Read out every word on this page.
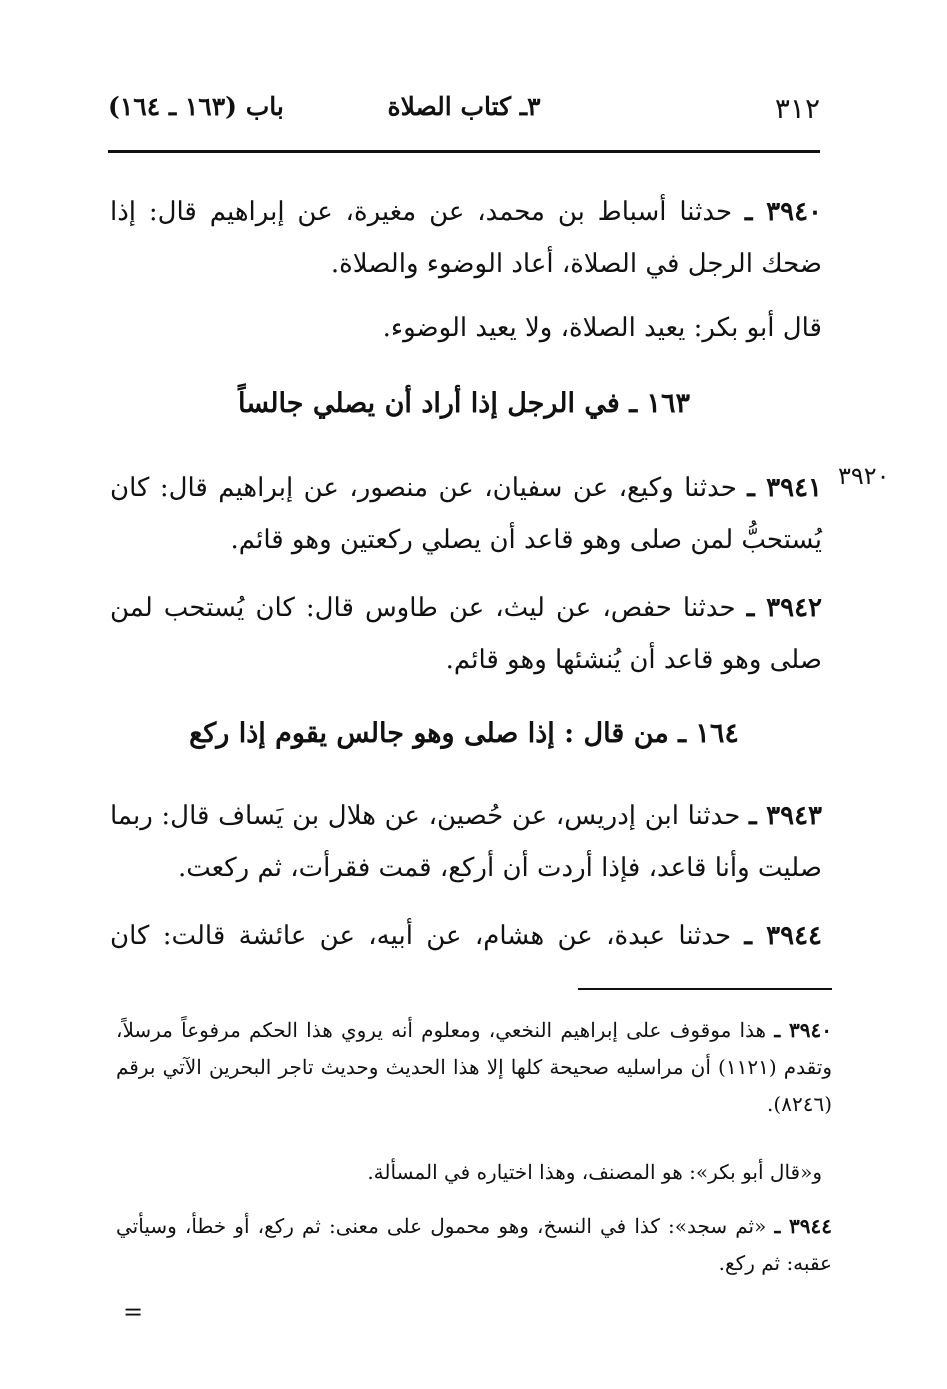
٣١٢
٣ـ كتاب الصلاة
باب (١٦٣ ـ ١٦٤)
٣٩٤٠ ـ حدثنا أسباط بن محمد، عن مغيرة، عن إبراهيم قال: إذا ضحك الرجل في الصلاة، أعاد الوضوء والصلاة.
قال أبو بكر: يعيد الصلاة، ولا يعيد الوضوء.
١٦٣ ـ في الرجل إذا أراد أن يصلي جالساً
٣٩٢٠
٣٩٤١ ـ حدثنا وكيع، عن سفيان، عن منصور، عن إبراهيم قال: كان يُستحبُّ لمن صلى وهو قاعد أن يصلي ركعتين وهو قائم.
٣٩٤٢ ـ حدثنا حفص، عن ليث، عن طاوس قال: كان يُستحب لمن صلى وهو قاعد أن يُنشئها وهو قائم.
١٦٤ ـ من قال : إذا صلى وهو جالس يقوم إذا ركع
٣٩٤٣ ـ حدثنا ابن إدريس، عن حُصين، عن هلال بن يَساف قال: ربما صليت وأنا قاعد، فإذا أردت أن أركع، قمت فقرأت، ثم ركعت.
٣٩٤٤ ـ حدثنا عبدة، عن هشام، عن أبيه، عن عائشة قالت: كان
٣٩٤٠ ـ هذا موقوف على إبراهيم النخعي، ومعلوم أنه يروي هذا الحكم مرفوعاً مرسلاً، وتقدم (١١٢١) أن مراسليه صحيحة كلها إلا هذا الحديث وحديث تاجر البحرين الآتي برقم (٨٢٤٦).
و«قال أبو بكر»: هو المصنف، وهذا اختياره في المسألة.
٣٩٤٤ ـ «ثم سجد»: كذا في النسخ، وهو محمول على معنى: ثم ركع، أو خطأ، وسيأتي عقبه: ثم ركع.
=
